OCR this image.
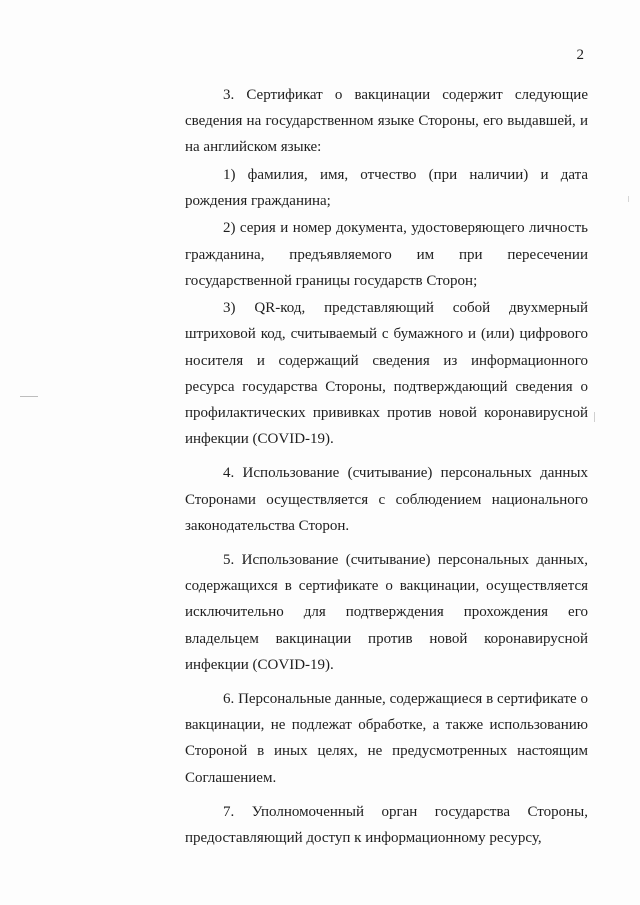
2

3. Сертификат о вакцинации содержит следующие сведения на государственном языке Стороны, его выдавшей, и на английском языке:

1) фамилия, имя, отчество (при наличии) и дата рождения гражданина;

2) серия и номер документа, удостоверяющего личность гражданина, предъявляемого им при пересечении государственной границы государств Сторон;

3) QR-код, представляющий собой двухмерный штриховой код, считываемый с бумажного и (или) цифрового носителя и содержащий сведения из информационного ресурса государства Стороны, подтверждающий сведения о профилактических прививках против новой коронавирусной инфекции (COVID-19).

4. Использование (считывание) персональных данных Сторонами осуществляется с соблюдением национального законодательства Сторон.

5. Использование (считывание) персональных данных, содержащихся в сертификате о вакцинации, осуществляется исключительно для подтверждения прохождения его владельцем вакцинации против новой коронавирусной инфекции (COVID-19).

6. Персональные данные, содержащиеся в сертификате о вакцинации, не подлежат обработке, а также использованию Стороной в иных целях, не предусмотренных настоящим Соглашением.

7. Уполномоченный орган государства Стороны, предоставляющий доступ к информационному ресурсу,
